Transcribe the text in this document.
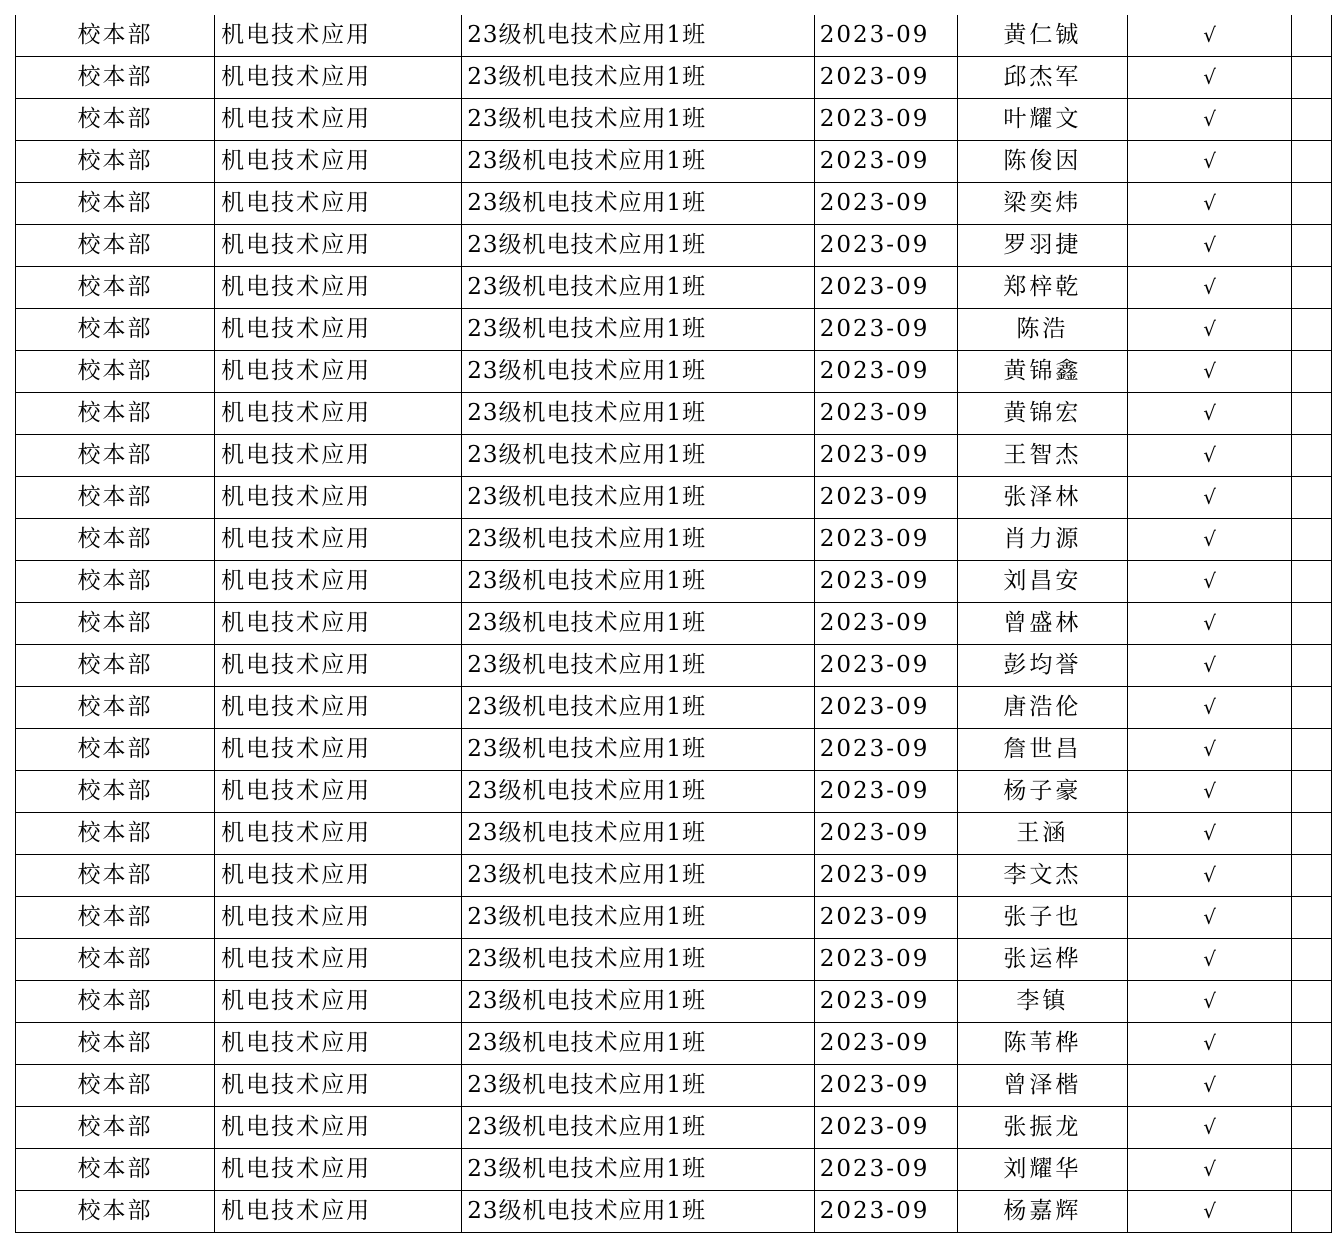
校本部	机电技术应用	23级机电技术应用1班	2023-09	黄仁铖	√	
校本部	机电技术应用	23级机电技术应用1班	2023-09	邱杰军	√	
校本部	机电技术应用	23级机电技术应用1班	2023-09	叶耀文	√	
校本部	机电技术应用	23级机电技术应用1班	2023-09	陈俊因	√	
校本部	机电技术应用	23级机电技术应用1班	2023-09	梁奕炜	√	
校本部	机电技术应用	23级机电技术应用1班	2023-09	罗羽捷	√	
校本部	机电技术应用	23级机电技术应用1班	2023-09	郑梓乾	√	
校本部	机电技术应用	23级机电技术应用1班	2023-09	陈浩	√	
校本部	机电技术应用	23级机电技术应用1班	2023-09	黄锦鑫	√	
校本部	机电技术应用	23级机电技术应用1班	2023-09	黄锦宏	√	
校本部	机电技术应用	23级机电技术应用1班	2023-09	王智杰	√	
校本部	机电技术应用	23级机电技术应用1班	2023-09	张泽林	√	
校本部	机电技术应用	23级机电技术应用1班	2023-09	肖力源	√	
校本部	机电技术应用	23级机电技术应用1班	2023-09	刘昌安	√	
校本部	机电技术应用	23级机电技术应用1班	2023-09	曾盛林	√	
校本部	机电技术应用	23级机电技术应用1班	2023-09	彭均誉	√	
校本部	机电技术应用	23级机电技术应用1班	2023-09	唐浩伦	√	
校本部	机电技术应用	23级机电技术应用1班	2023-09	詹世昌	√	
校本部	机电技术应用	23级机电技术应用1班	2023-09	杨子豪	√	
校本部	机电技术应用	23级机电技术应用1班	2023-09	王涵	√	
校本部	机电技术应用	23级机电技术应用1班	2023-09	李文杰	√	
校本部	机电技术应用	23级机电技术应用1班	2023-09	张子也	√	
校本部	机电技术应用	23级机电技术应用1班	2023-09	张运桦	√	
校本部	机电技术应用	23级机电技术应用1班	2023-09	李镇	√	
校本部	机电技术应用	23级机电技术应用1班	2023-09	陈苇桦	√	
校本部	机电技术应用	23级机电技术应用1班	2023-09	曾泽楷	√	
校本部	机电技术应用	23级机电技术应用1班	2023-09	张振龙	√	
校本部	机电技术应用	23级机电技术应用1班	2023-09	刘耀华	√	
校本部	机电技术应用	23级机电技术应用1班	2023-09	杨嘉辉	√	
